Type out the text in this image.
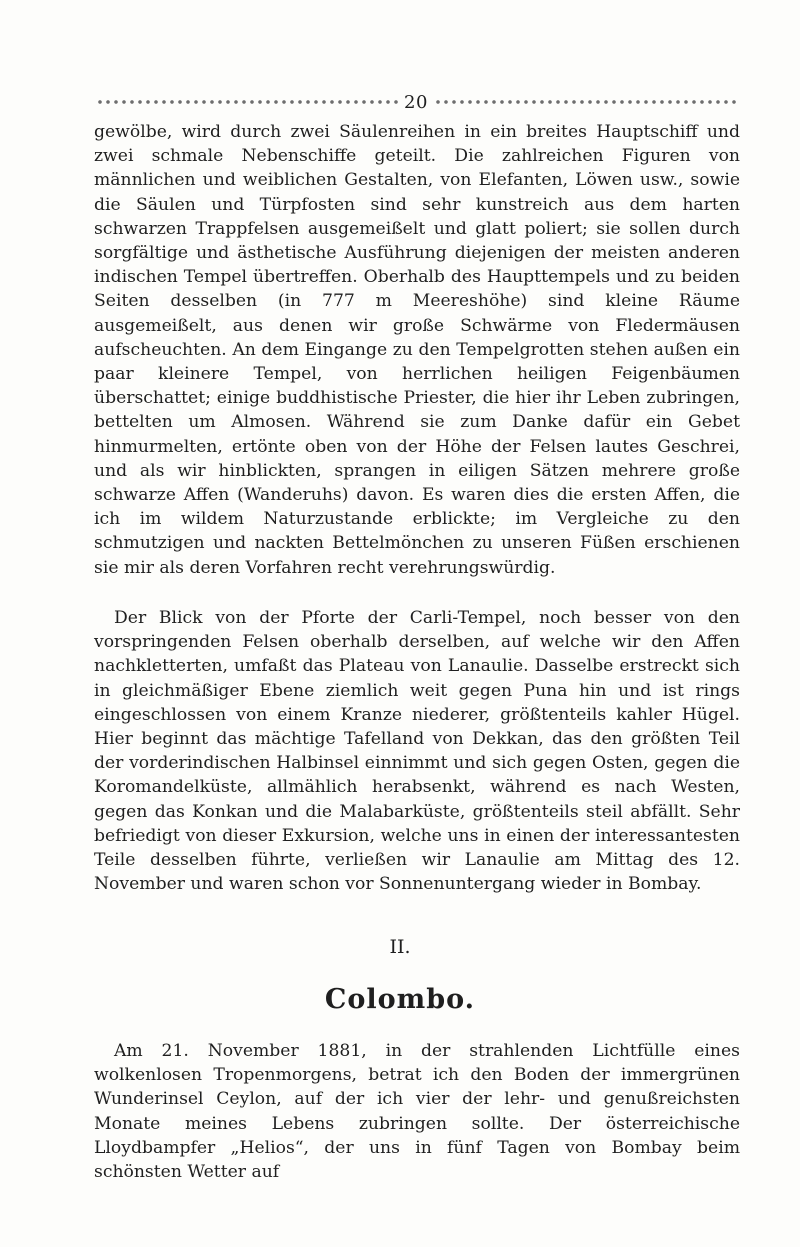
20

gewölbe, wird durch zwei Säulenreihen in ein breites Hauptschiff und zwei schmale Nebenschiffe geteilt. Die zahlreichen Figuren von männlichen und weiblichen Gestalten, von Elefanten, Löwen usw., sowie die Säulen und Türpfosten sind sehr kunstreich aus dem harten schwarzen Trappfelsen ausgemeißelt und glatt poliert; sie sollen durch sorgfältige und ästhetische Ausführung diejenigen der meisten anderen indischen Tempel übertreffen. Oberhalb des Haupttempels und zu beiden Seiten desselben (in 777 m Meereshöhe) sind kleine Räume ausgemeißelt, aus denen wir große Schwärme von Fledermäusen aufscheuchten. An dem Eingange zu den Tempelgrotten stehen außen ein paar kleinere Tempel, von herrlichen heiligen Feigenbäumen überschattet; einige buddhistische Priester, die hier ihr Leben zubringen, bettelten um Almosen. Während sie zum Danke dafür ein Gebet hinmurmelten, ertönte oben von der Höhe der Felsen lautes Geschrei, und als wir hinblickten, sprangen in eiligen Sätzen mehrere große schwarze Affen (Wanderuhs) davon. Es waren dies die ersten Affen, die ich im wildem Naturzustande erblickte; im Vergleiche zu den schmutzigen und nackten Bettelmönchen zu unseren Füßen erschienen sie mir als deren Vorfahren recht verehrungswürdig.

Der Blick von der Pforte der Carli-Tempel, noch besser von den vorspringenden Felsen oberhalb derselben, auf welche wir den Affen nachkletterten, umfaßt das Plateau von Lanaulie. Dasselbe erstreckt sich in gleichmäßiger Ebene ziemlich weit gegen Puna hin und ist rings eingeschlossen von einem Kranze niederer, größtenteils kahler Hügel. Hier beginnt das mächtige Tafelland von Dekkan, das den größten Teil der vorderindischen Halbinsel einnimmt und sich gegen Osten, gegen die Koromandelküste, allmählich herabsenkt, während es nach Westen, gegen das Konkan und die Malabarküste, größtenteils steil abfällt. Sehr befriedigt von dieser Exkursion, welche uns in einen der interessantesten Teile desselben führte, verließen wir Lanaulie am Mittag des 12. November und waren schon vor Sonnenuntergang wieder in Bombay.

II.
Colombo.

Am 21. November 1881, in der strahlenden Lichtfülle eines wolkenlosen Tropenmorgens, betrat ich den Boden der immergrünen Wunderinsel Ceylon, auf der ich vier der lehr- und genußreichsten Monate meines Lebens zubringen sollte. Der österreichische Lloydbampfer „Helios“, der uns in fünf Tagen von Bombay beim schönsten Wetter auf
